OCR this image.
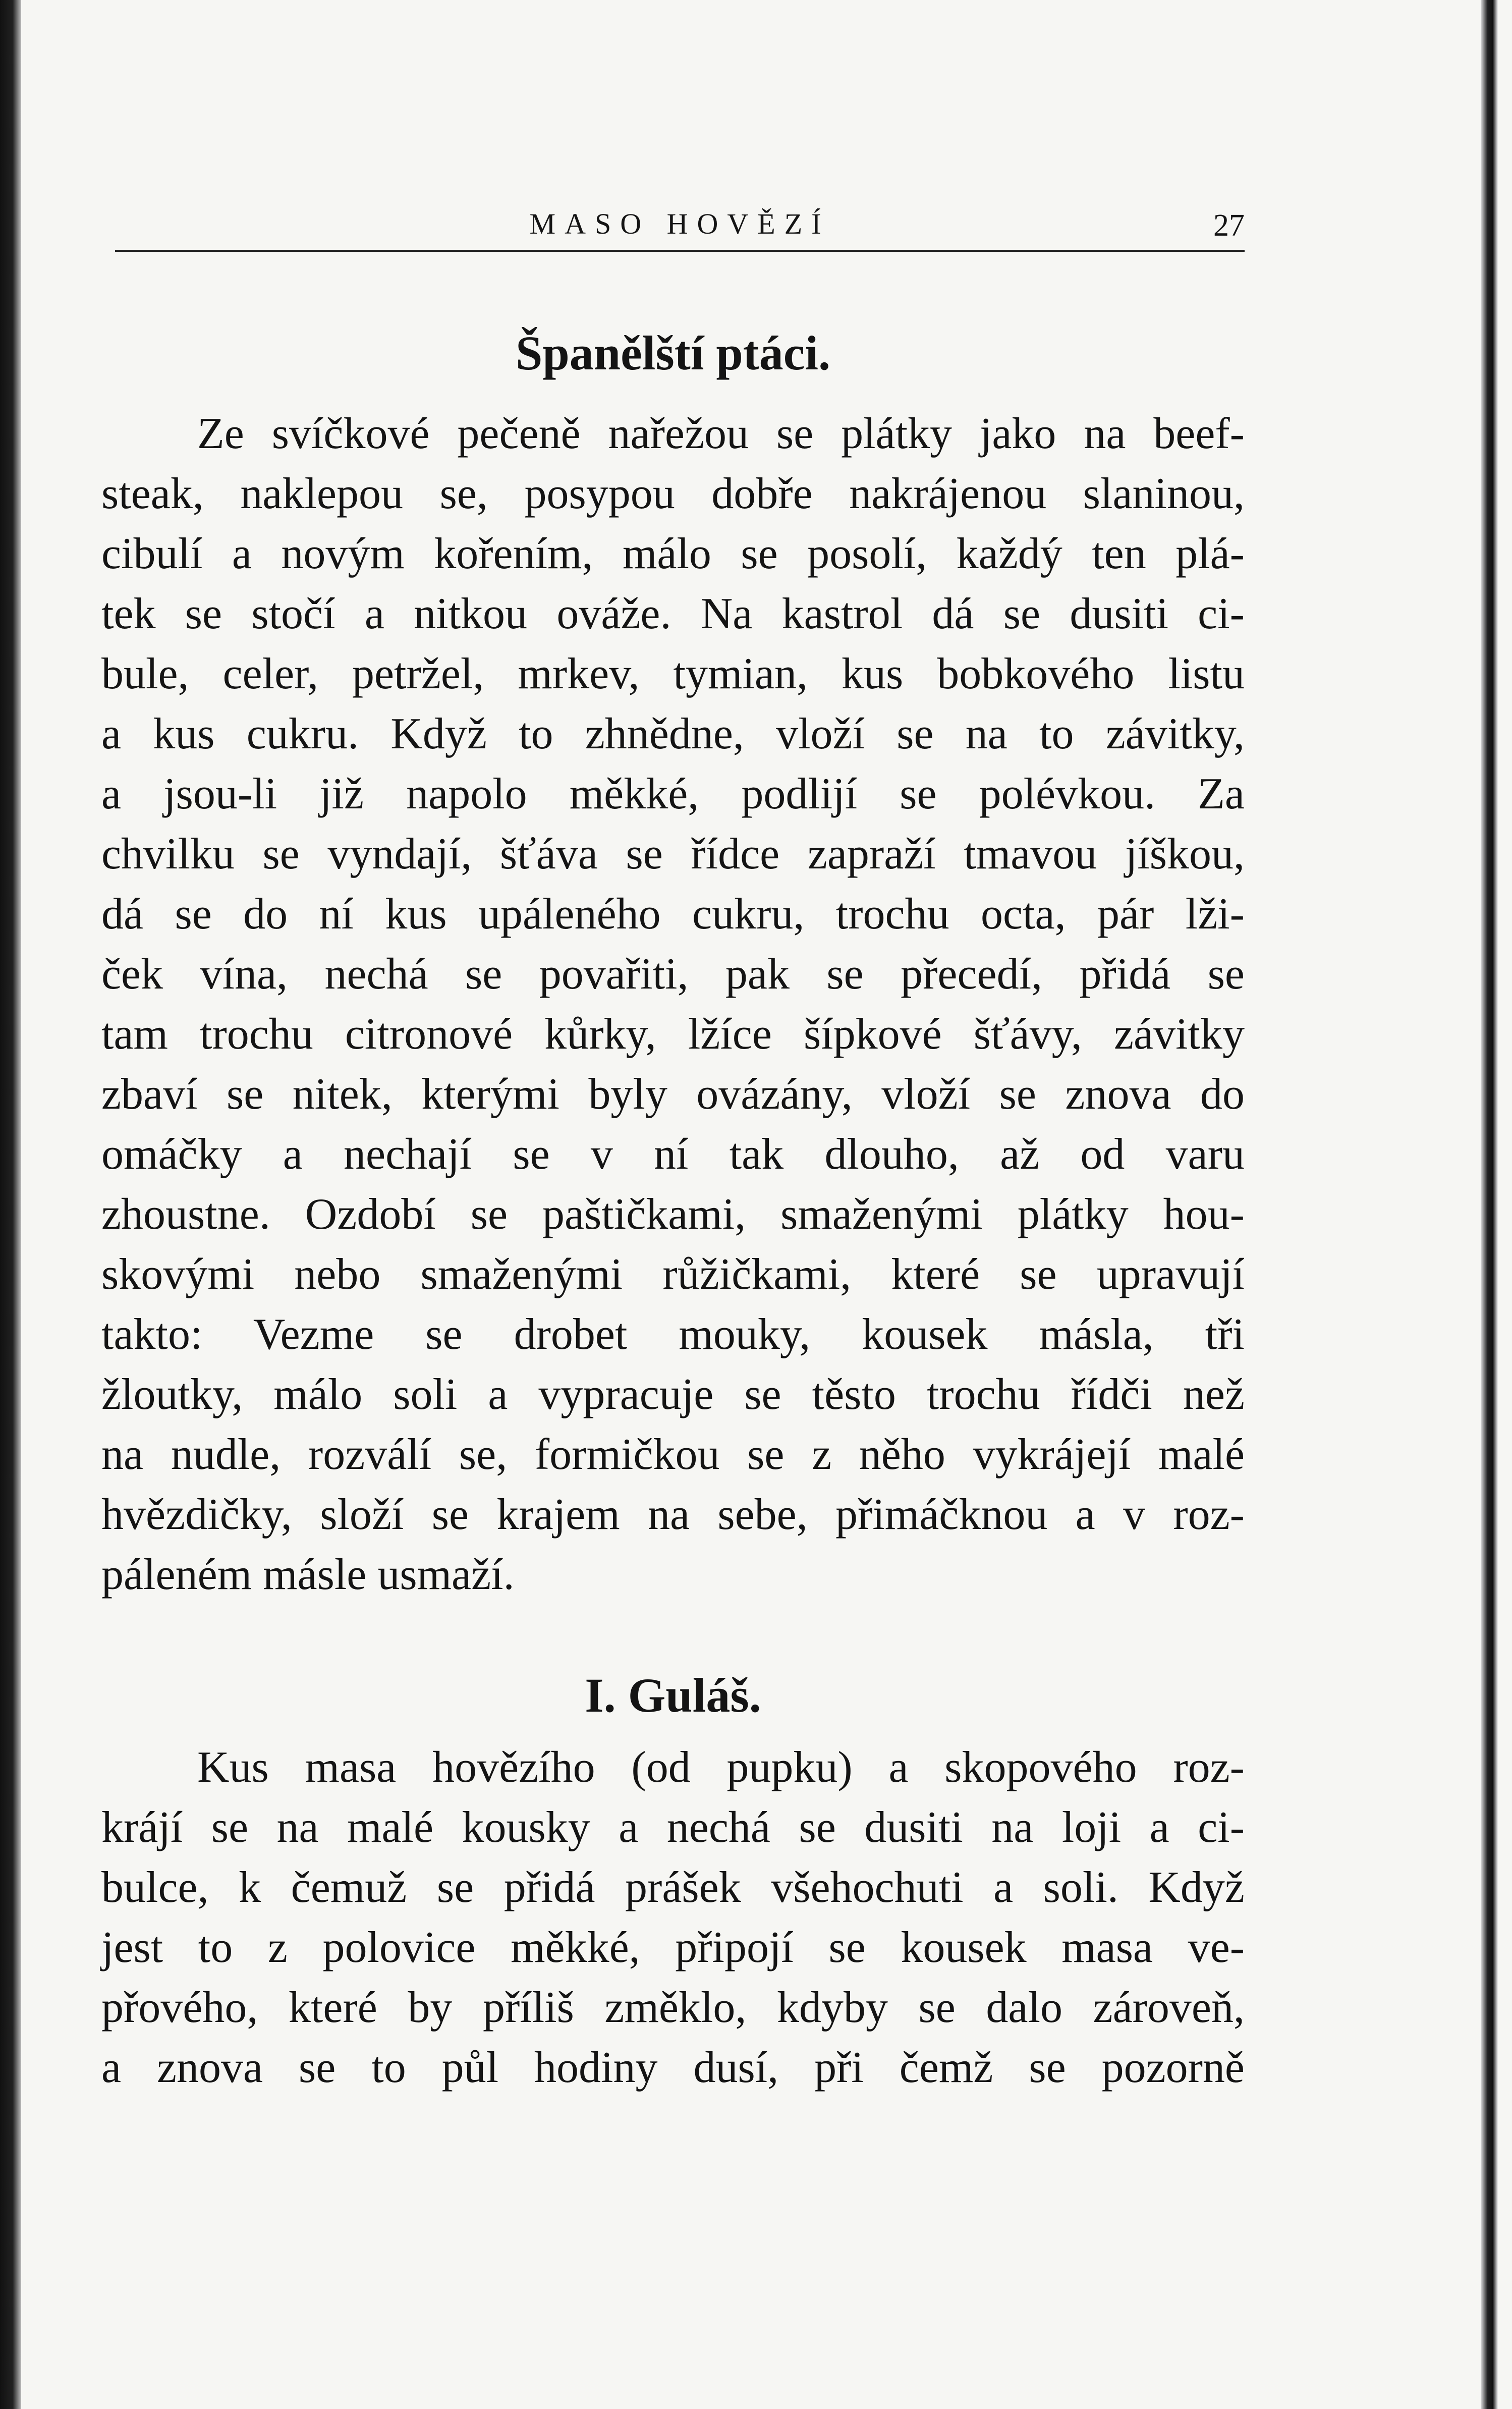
MASO HOVĚZÍ	27
Španělští ptáci.
Ze svíčkové pečeně nařežou se plátky jako na beef-
steak, naklepou se, posypou dobře nakrájenou slaninou,
cibulí a novým kořením, málo se posolí, každý ten plá-
tek se stočí a nitkou ováže. Na kastrol dá se dusiti ci-
bule, celer, petržel, mrkev, tymian, kus bobkového listu
a kus cukru. Když to zhnědne, vloží se na to závitky,
a jsou-li již napolo měkké, podlijí se polévkou. Za
chvilku se vyndají, šťáva se řídce zapraží tmavou jíškou,
dá se do ní kus upáleného cukru, trochu octa, pár lži-
ček vína, nechá se povařiti, pak se přecedí, přidá se
tam trochu citronové kůrky, lžíce šípkové šťávy, závitky
zbaví se nitek, kterými byly ovázány, vloží se znova do
omáčky a nechají se v ní tak dlouho, až od varu
zhoustne. Ozdobí se paštičkami, smaženými plátky hou-
skovými nebo smaženými růžičkami, které se upravují
takto: Vezme se drobet mouky, kousek másla, tři
žloutky, málo soli a vypracuje se těsto trochu řídči než
na nudle, rozválí se, formičkou se z něho vykrájejí malé
hvězdičky, složí se krajem na sebe, přimáčknou a v roz-
páleném másle usmaží.
I. Guláš.
Kus masa hovězího (od pupku) a skopového roz-
krájí se na malé kousky a nechá se dusiti na loji a ci-
bulce, k čemuž se přidá prášek všehochuti a soli. Když
jest to z polovice měkké, připojí se kousek masa ve-
přového, které by příliš změklo, kdyby se dalo zároveň,
a znova se to půl hodiny dusí, při čemž se pozorně
